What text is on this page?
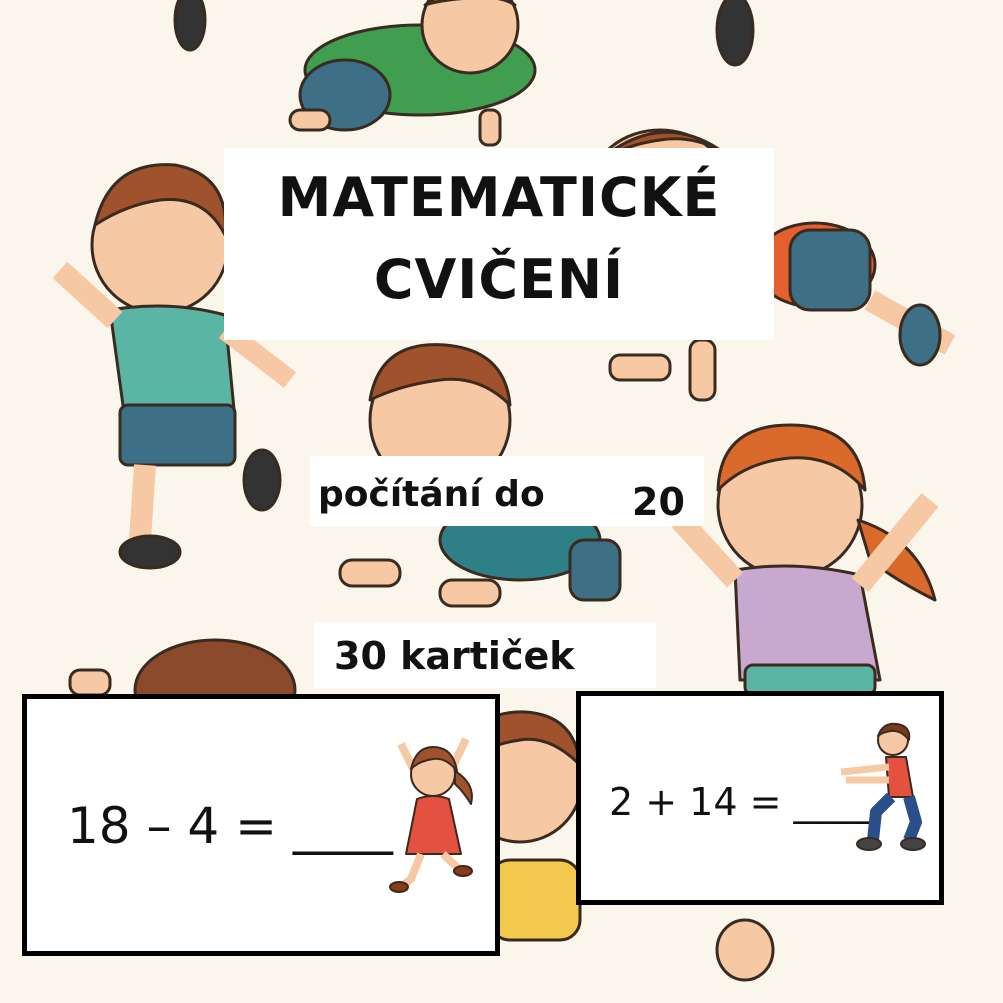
MATEMATICKÉ
CVIČENÍ
počítání do 20
30 kartiček
18 – 4 = ____	2 + 14 = ____
